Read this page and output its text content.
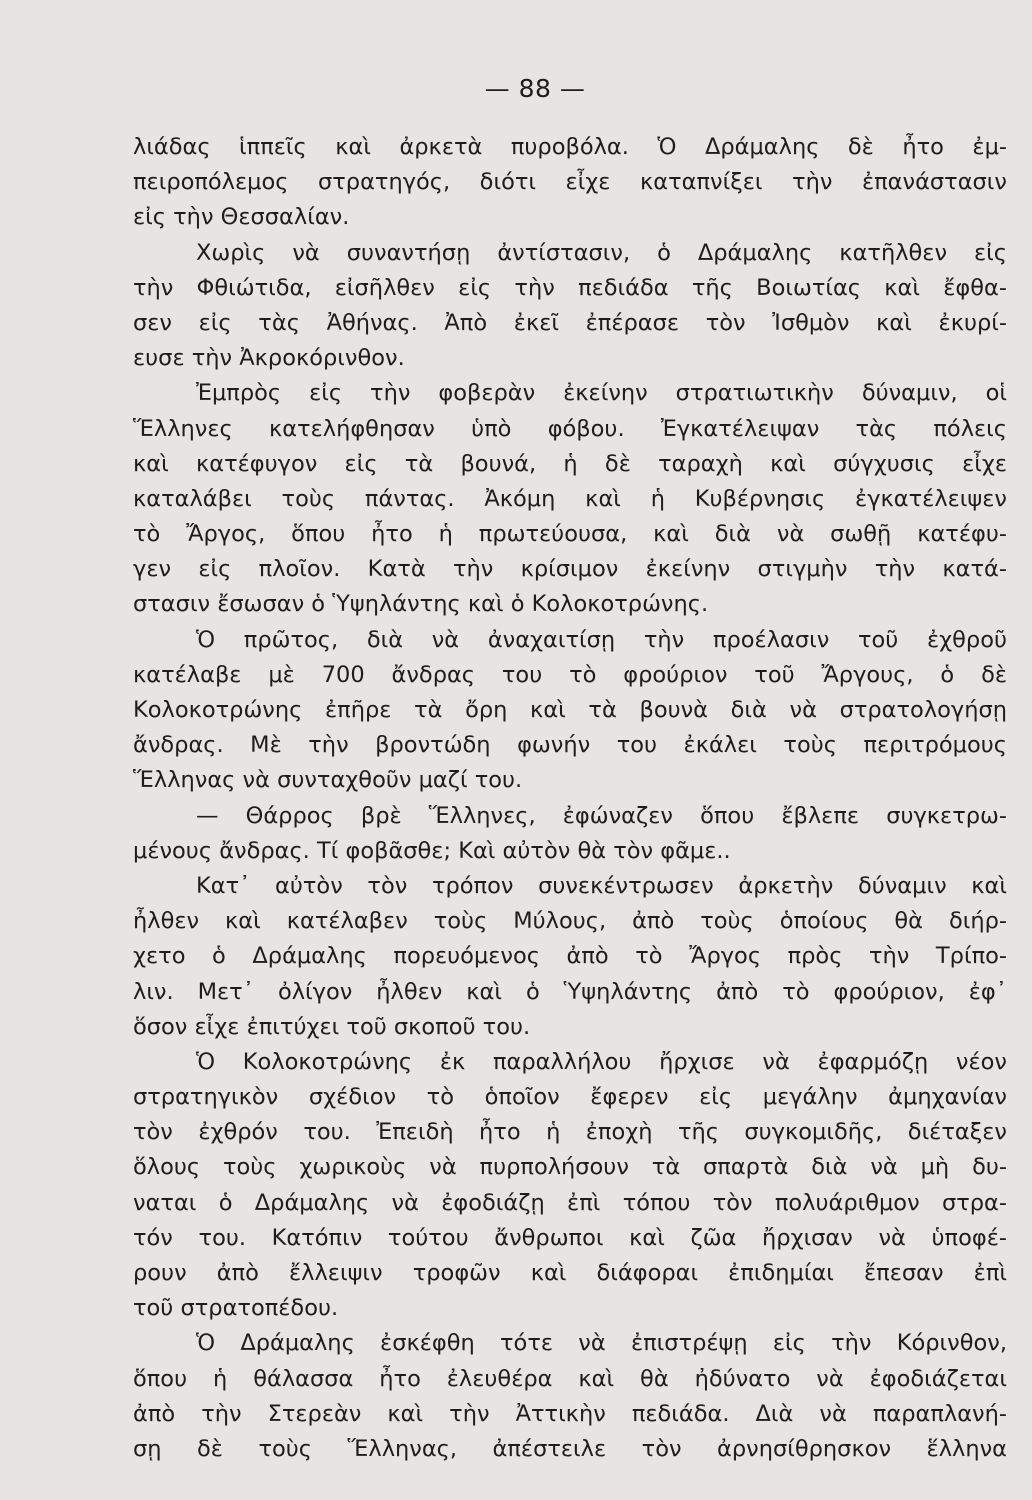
— 88 —
λιάδας ἱππεῖς καὶ ἀρκετὰ πυροβόλα. Ὁ Δράμαλης δὲ ἦτο ἐμ-
πειροπόλεμος στρατηγός, διότι εἶχε καταπνίξει τὴν ἐπανάστασιν
εἰς τὴν Θεσσαλίαν.
Χωρὶς νὰ συναντήσῃ ἀντίστασιν, ὁ Δράμαλης κατῆλθεν εἰς
τὴν Φθιώτιδα, εἰσῆλθεν εἰς τὴν πεδιάδα τῆς Βοιωτίας καὶ ἔφθα-
σεν εἰς τὰς Ἀθήνας. Ἀπὸ ἐκεῖ ἐπέρασε τὸν Ἰσθμὸν καὶ ἐκυρί-
ευσε τὴν Ἀκροκόρινθον.
Ἐμπρὸς εἰς τὴν φοβερὰν ἐκείνην στρατιωτικὴν δύναμιν, οἱ
Ἕλληνες κατελήφθησαν ὑπὸ φόβου. Ἐγκατέλειψαν τὰς πόλεις
καὶ κατέφυγον εἰς τὰ βουνά, ἡ δὲ ταραχὴ καὶ σύγχυσις εἶχε
καταλάβει τοὺς πάντας. Ἀκόμη καὶ ἡ Κυβέρνησις ἐγκατέλειψεν
τὸ Ἄργος, ὅπου ἦτο ἡ πρωτεύουσα, καὶ διὰ νὰ σωθῇ κατέφυ-
γεν εἰς πλοῖον. Κατὰ τὴν κρίσιμον ἐκείνην στιγμὴν τὴν κατά-
στασιν ἔσωσαν ὁ Ὑψηλάντης καὶ ὁ Κολοκοτρώνης.
Ὁ πρῶτος, διὰ νὰ ἀναχαιτίσῃ τὴν προέλασιν τοῦ ἐχθροῦ
κατέλαβε μὲ 700 ἄνδρας του τὸ φρούριον τοῦ Ἄργους, ὁ δὲ
Κολοκοτρώνης ἐπῆρε τὰ ὄρη καὶ τὰ βουνὰ διὰ νὰ στρατολογήσῃ
ἄνδρας. Μὲ τὴν βροντώδη φωνήν του ἐκάλει τοὺς περιτρόμους
Ἕλληνας νὰ συνταχθοῦν μαζί του.
— Θάρρος βρὲ Ἕλληνες, ἐφώναζεν ὅπου ἔβλεπε συγκετρω-
μένους ἄνδρας. Τί φοβᾶσθε; Καὶ αὐτὸν θὰ τὸν φᾶμε..
Κατ᾿ αὐτὸν τὸν τρόπον συνεκέντρωσεν ἀρκετὴν δύναμιν καὶ
ἦλθεν καὶ κατέλαβεν τοὺς Μύλους, ἀπὸ τοὺς ὁποίους θὰ διήρ-
χετο ὁ Δράμαλης πορευόμενος ἀπὸ τὸ Ἄργος πρὸς τὴν Τρίπο-
λιν. Μετ᾿ ὀλίγον ἦλθεν καὶ ὁ Ὑψηλάντης ἀπὸ τὸ φρούριον, ἐφ᾿
ὅσον εἶχε ἐπιτύχει τοῦ σκοποῦ του.
Ὁ Κολοκοτρώνης ἐκ παραλλήλου ἤρχισε νὰ ἐφαρμόζῃ νέον
στρατηγικὸν σχέδιον τὸ ὁποῖον ἔφερεν εἰς μεγάλην ἀμηχανίαν
τὸν ἐχθρόν του. Ἐπειδὴ ἦτο ἡ ἐποχὴ τῆς συγκομιδῆς, διέταξεν
ὅλους τοὺς χωρικοὺς νὰ πυρπολήσουν τὰ σπαρτὰ διὰ νὰ μὴ δυ-
ναται ὁ Δράμαλης νὰ ἐφοδιάζῃ ἐπὶ τόπου τὸν πολυάριθμον στρα-
τόν του. Κατόπιν τούτου ἄνθρωποι καὶ ζῶα ἤρχισαν νὰ ὑποφέ-
ρουν ἀπὸ ἔλλειψιν τροφῶν καὶ διάφοραι ἐπιδημίαι ἔπεσαν ἐπὶ
τοῦ στρατοπέδου.
Ὁ Δράμαλης ἐσκέφθη τότε νὰ ἐπιστρέψῃ εἰς τὴν Κόρινθον,
ὅπου ἡ θάλασσα ἦτο ἐλευθέρα καὶ θὰ ἠδύνατο νὰ ἐφοδιάζεται
ἀπὸ τὴν Στερεὰν καὶ τὴν Ἀττικὴν πεδιάδα. Διὰ νὰ παραπλανή-
σῃ δὲ τοὺς Ἕλληνας, ἀπέστειλε τὸν ἀρνησίθρησκον ἕλληνα
